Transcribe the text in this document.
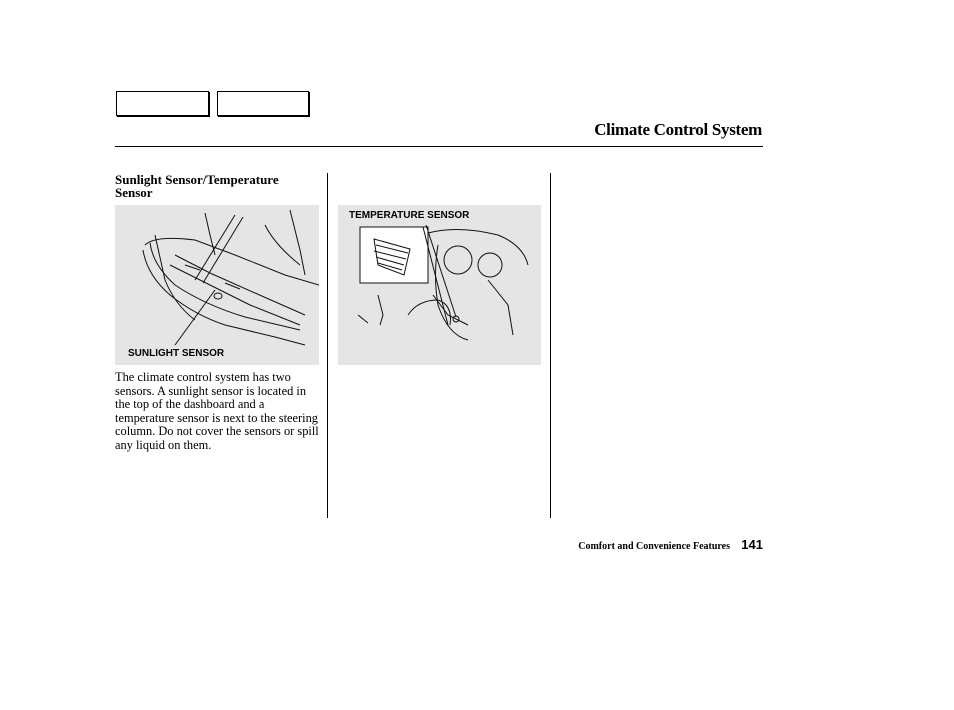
Climate Control System
Sunlight Sensor/Temperature Sensor
SUNLIGHT SENSOR
TEMPERATURE SENSOR
The climate control system has two sensors. A sunlight sensor is located in the top of the dashboard and a temperature sensor is next to the steering column. Do not cover the sensors or spill any liquid on them.
Comfort and Convenience Features 141
